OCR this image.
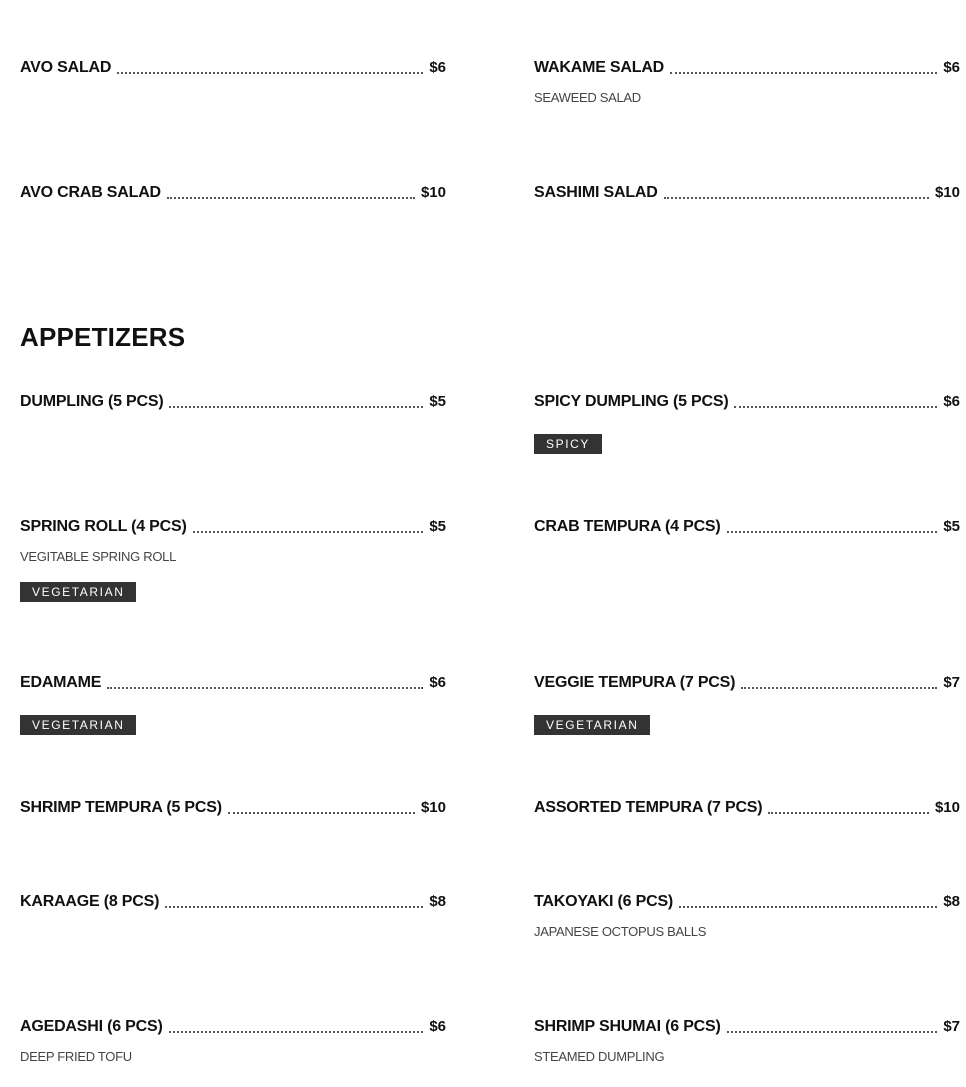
AVO SALAD	$6	WAKAME SALAD	$6
SEAWEED SALAD
AVO CRAB SALAD	$10	SASHIMI SALAD	$10
APPETIZERS
DUMPLING (5 PCS)	$5	SPICY DUMPLING (5 PCS)	$6
SPICY
SPRING ROLL (4 PCS)	$5
VEGITABLE SPRING ROLL
VEGETARIAN
CRAB TEMPURA (4 PCS)	$5
EDAMAME	$6
VEGETARIAN
VEGGIE TEMPURA (7 PCS)	$7
VEGETARIAN
SHRIMP TEMPURA (5 PCS)	$10	ASSORTED TEMPURA (7 PCS)	$10
KARAAGE (8 PCS)	$8	TAKOYAKI (6 PCS)	$8
JAPANESE OCTOPUS BALLS
AGEDASHI (6 PCS)	$6
DEEP FRIED TOFU
SHRIMP SHUMAI (6 PCS)	$7
STEAMED DUMPLING
